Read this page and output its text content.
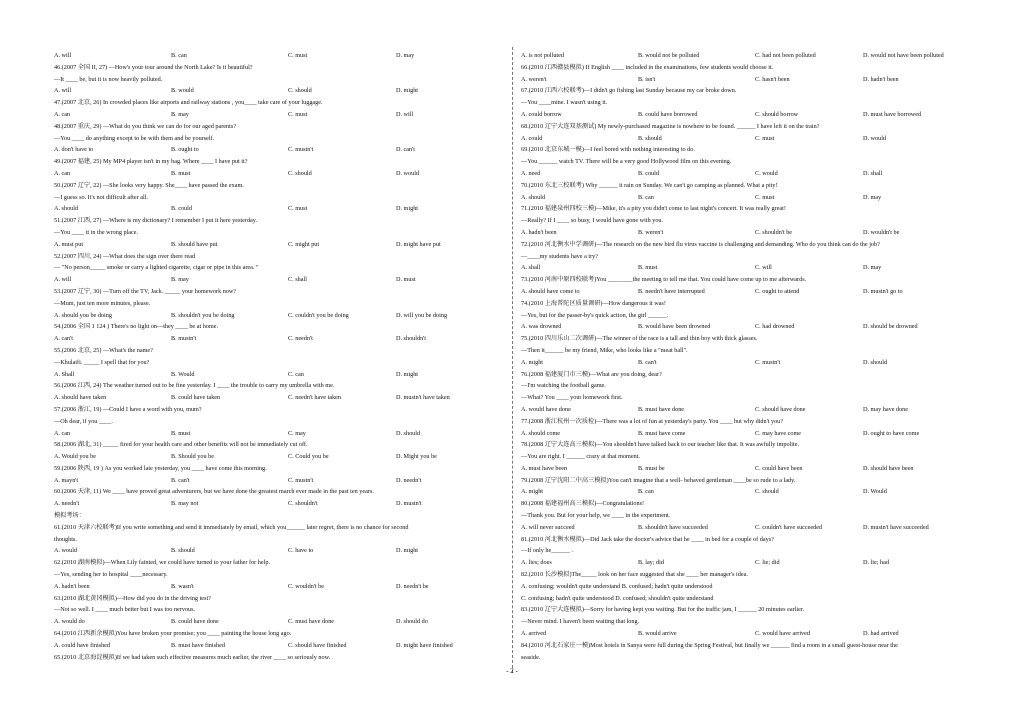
A. will	B. can	C. must	D. may
46.(2007 全国 II, 27) —How's your tour around the North Lake? Is it beautiful?
—It ____ be, but it is now heavily polluted.
A. will	B. would	C. should	D. might
47.(2007 北京, 26) In crowded places like airports and railway stations , you____ take care of your luggage.
A. can	B. may	C. must	D. will
48.(2007 重庆, 29) —What do you think we can do for our aged parents?
—You ____ do anything except to be with them and be yourself.
A. don't have to	B. ought to	C. mustn't	D. can't
49.(2007 福建, 25) My MP4 player isn't in my bag. Where ____ I have put it?
A. can	B. must	C. should	D. would
50.(2007 辽宁, 22) —She looks very happy. She____ have passed the exam.
—I guess so. It's not difficult after all.
A. should	B. could	C. must	D. might
51.(2007 江西, 27) —Where is my dictionary? I remember I put it here yesterday.
—You ____ it in the wrong place.
A. must put	B. should have put	C. might put	D. might have put
52.(2007 四川, 24) —What does the sign over there read
— "No person_____ smoke or carry a lighted cigarette, cigar or pipe in this area. "
A. will	B. may	C. shall	D. must
53.(2007 辽宁, 30) —Turn off the TV, Jack. _____ your homework now?
—Mum, just ten more minutes, please.
A. should you be doing	B. shouldn't you be doing	C. couldn't you be doing	D. will you be doing
54.(2006 全国 1 124 ) There's no light on—they ____ be at home.
A. can't	B. mustn't	C. needn't	D. shouldn't
55.(2006 北京, 25) —What's the name?
—Khulaifi. _____ I spell that for you?
A. Shall	B. Would	C. can	D. might
56.(2006 江西, 24) The weather turned out to be fine yesterday. I ____ the trouble to carry my umbrella with me.
A. should have taken	B. could have taken	C. needn't have taken	D. mustn't have taken
57.(2006 浙江, 19) —Could I have a word with you, mum?
—Oh dear, if you ____.
A. can	B. must	C. may	D. should
58.(2006 湖北, 31) _____ fired for your health care and other benefits will not be immediately cut off.
A. Would you be	B. Should you be	C. Could you be	D. Might you be
59.(2006 陕西, 19 ) As you worked late yesterday, you ____ have come this morning.
A. mayn't	B. can't	C. mustn't	D. needn't
60.(2006 天津, 11) We ____ have proved great adventurers, but we have done the greatest march ever made in the past ten years.
A. needn't	B. may not	C. shouldn't	D. mustn't
模拟考场：
61.(2010 天津六校联考)If you write something and send it immediately by email, which you______ later regret, there is no chance for second
thoughts.
A. would	B. should	C. have to	D. might
62.(2010 湖南模拟)—When Lily fainted, we could have turned to your father for help.
—Yes, sending her to hospital ____necessary.
A. hadn't been	B. wasn't	C. wouldn't be	D. needn't be
63.(2010 湖北黄冈模拟)—How did you do in the driving test?
—Not so well. I ____ much better but I was too nervous.
A. would do	B. could have done	C. must have done	D. should do
64.(2010 江西新余模拟)You have broken your promise; you ____ painting the house long ago.
A. could have finished	B. must have finished	C. should have finished	D. might have finished
65.(2010 北京海淀模拟)If we had taken such effective measures much earlier, the river ____ so seriously now.
A. is not polluted	B. would not be polluted	C. had not been polluted	D. would not have been polluted
66.(2010 江西赣县模拟) If English ____ included in the examinations, few students would choose it.
A. weren't	B. isn't	C. hasn't been	D. hadn't been
67.(2010 江西六校联考)—I didn't go fishing last Sunday because my car broke down.
—You ____mine. I wasn't using it.
A. could borrow	B. could have borrowed	C. should borrow	D. must have borrowed
68.(2010 辽宁大连双基测试) My newly-purchased magazine is nowhere to be found. ______ I have left it on the train?
A. could	B. should	C. must	D. would
69.(2010 北京东城一模)—I feel bored with nothing interesting to do.
—You ______ watch TV. There will be a very good Hollywood film on this evening.
A. need	B. could	C. would	D. shall
70.(2010 东北三校联考) Why ______ it rain on Sunday. We can't go camping as planned. What a pity!
A. should	B. can	C. must	D. may
71.(2010 福建泉州四校三模)—Mike, it's a pity you didn't come to last night's concert. It was really great!
—Really? If I ____ so busy, I would have gone with you.
A. hadn't been	B. weren't	C. shouldn't be	D. wouldn't be
72.(2010 河北衡水中学调研)—The research on the new bird flu virus vaccine is challenging and demanding. Who do you think can do the job?
—____my students have a try?
A. shall	B. must	C. will	D. may
73.(2010 河南中原四校联考)You ________the meeting to tell me that. You could have come up to me afterwards.
A. should have come to	B. needn't have interrupted	C. ought to attend	D. mustn't go to
74.(2010 上海普陀区质量调研)—How dangerous it was!
—Yes, but for the passer-by's quick action, the girl ______.
A. was drowned	B. would have been drowned	C. had drowned	D. should be drowned
75.(2010 四川乐山二次调研)—The winner of the race is a tall and thin boy with thick glasses.
—Then it______ be my friend, Mike, who looks like a "meat ball".
A. might	B. can't	C. mustn't	D. should
76.(2008 福建厦门市三模)—What are you doing, dear?
—I'm watching the football game.
—What? You ____ your homework first.
A. would have done	B. must have done	C. should have done	D. may have done
77.(2008 浙江杭州一次质检)—There was a lot of fun at yesterday's party. You ____ but why didn't you?
A. should come	B. must have come	C. may have come	D. ought to have come
78.(2008 辽宁大连高三模拟)—You shouldn't have talked back to our teacher like that. It was awfully impolite.
—You are right. I ______ crazy at that moment.
A. must have been	B. must be	C. could have been	D. should have been
79.(2008 辽宁沈阳二中高三模拟)You can't imagine that a well- behaved gentleman ____be so rude to a lady.
A. might	B. can	C. should	D. Would
80.(2008 福建福州高三模拟)—Congratulations!
—Thank you. But for your help, we ____ in the experiment.
A. will never succeed	B. shouldn't have succeeded	C. couldn't have succeeded	D. mustn't have succeeded
81.(2010 河北衡水模拟)—Did Jack take the doctor's advice that he ____ in bed for a couple of days?
—If only he______ .
A. lies; does	B. lay; did	C. lie; did	D. lie; had
82.(2010 长沙模拟)The_____ look on her face suggested that she ____ her manager's idea.
A. confusing; wouldn't quite understand B. confused; hadn't quite understood
C. confusing; hadn't quite understood D. confused; shouldn't quite understand
83.(2010 辽宁大连模拟)—Sorry for having kept you waiting. But for the traffic jam, I ______ 20 minutes earlier.
—Never mind. I haven't been waiting that long.
A. arrived	B. would arrive	C. would have arrived	D. had arrived
84.(2010 河北石家庄一模)Most hotels in Sanya were full during the Spring Festival, but finally we ______ find a room in a small guest-house near the
seaside.
- 2 -
